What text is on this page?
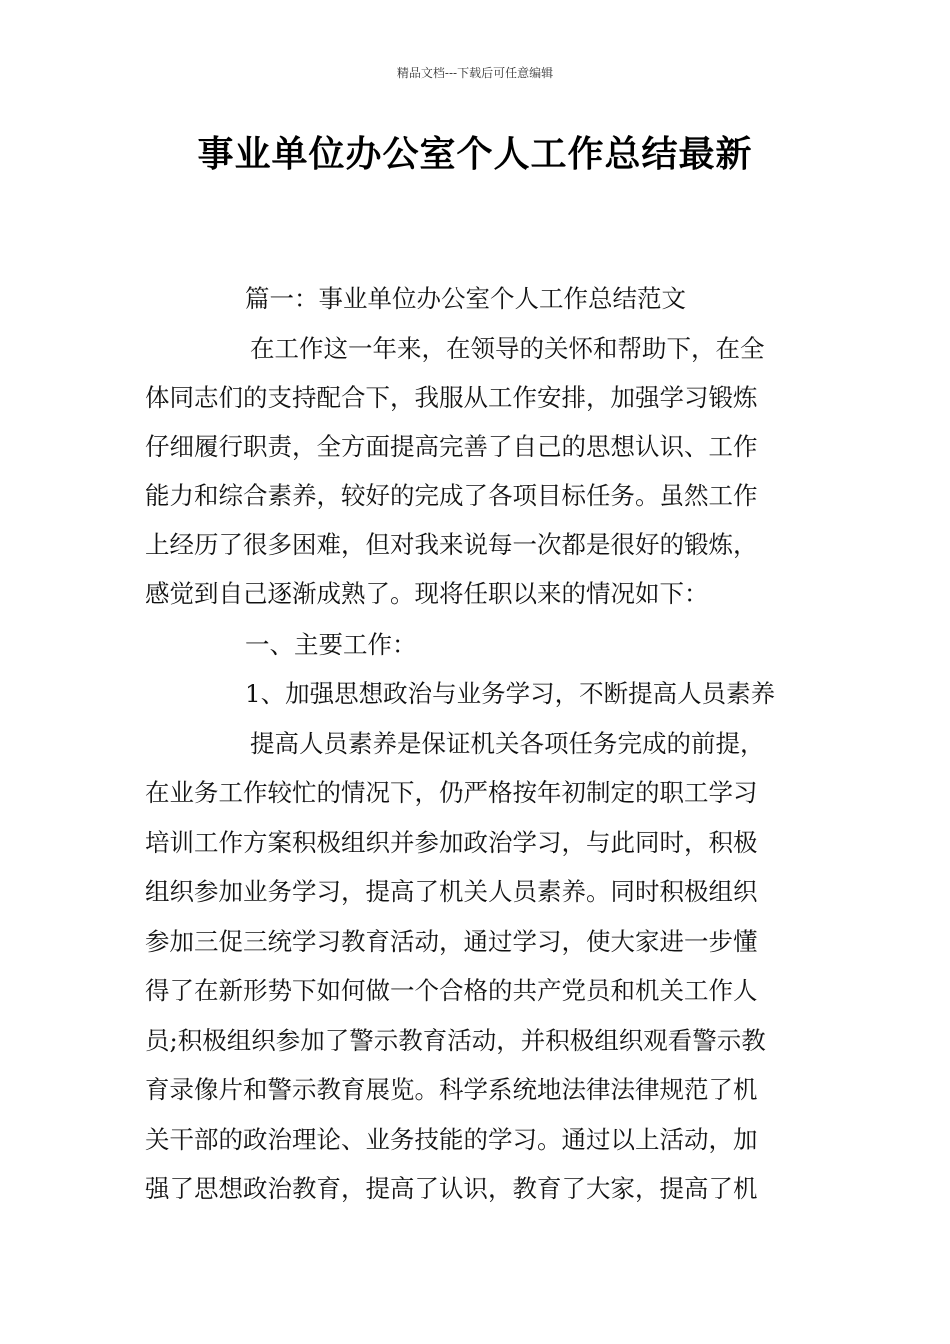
精品文档---下载后可任意编辑
事业单位办公室个人工作总结最新
篇一：事业单位办公室个人工作总结范文
在工作这一年来，在领导的关怀和帮助下，在全
体同志们的支持配合下，我服从工作安排，加强学习锻炼
仔细履行职责，全方面提高完善了自己的思想认识、工作
能力和综合素养，较好的完成了各项目标任务。虽然工作
上经历了很多困难，但对我来说每一次都是很好的锻炼，
感觉到自己逐渐成熟了。现将任职以来的情况如下：
一、主要工作：
1、加强思想政治与业务学习，不断提高人员素养
提高人员素养是保证机关各项任务完成的前提，
在业务工作较忙的情况下，仍严格按年初制定的职工学习
培训工作方案积极组织并参加政治学习，与此同时，积极
组织参加业务学习，提高了机关人员素养。同时积极组织
参加三促三统学习教育活动，通过学习，使大家进一步懂
得了在新形势下如何做一个合格的共产党员和机关工作人
员;积极组织参加了警示教育活动，并积极组织观看警示教
育录像片和警示教育展览。科学系统地法律法律规范了机
关干部的政治理论、业务技能的学习。通过以上活动，加
强了思想政治教育，提高了认识，教育了大家，提高了机
